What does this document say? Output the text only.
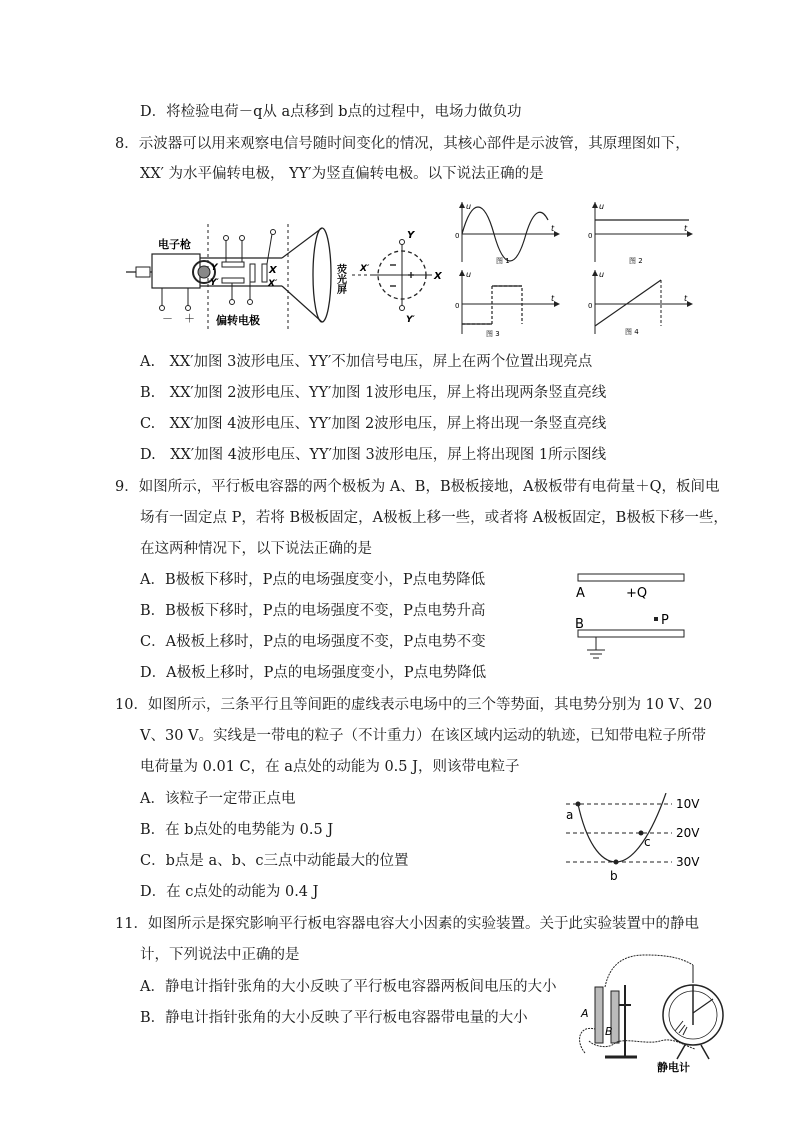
D．将检验电荷－q从 a点移到 b点的过程中，电场力做负功
8．示波器可以用来观察电信号随时间变化的情况，其核心部件是示波管，其原理图如下，
XX′ 为水平偏转电极， YY′为竖直偏转电极。以下说法正确的是
电子枪
偏转电极
－ ＋
Y
Y′
X
X′	荧光屏
Y
Y′
X
X′
u
t
0
图 1
u
t
0
图 2
u
t
0
图 3
u
t
0
图 4
A.　XX′加图 3波形电压、YY′不加信号电压，屏上在两个位置出现亮点
B.　XX′加图 2波形电压、YY′加图 1波形电压，屏上将出现两条竖直亮线
C.　XX′加图 4波形电压、YY′加图 2波形电压，屏上将出现一条竖直亮线
D.　XX′加图 4波形电压、YY′加图 3波形电压，屏上将出现图 1所示图线
9．如图所示，平行板电容器的两个极板为 A、B，B极板接地，A极板带有电荷量＋Q，板间电
场有一固定点 P，若将 B极板固定，A极板上移一些，或者将 A极板固定，B极板下移一些，
在这两种情况下，以下说法正确的是
A．B极板下移时，P点的电场强度变小，P点电势降低
B．B极板下移时，P点的电场强度不变，P点电势升高
C．A极板上移时，P点的电场强度不变，P点电势不变
D．A极板上移时，P点的电场强度变小，P点电势降低
A	+Q
B	P
10．如图所示，三条平行且等间距的虚线表示电场中的三个等势面，其电势分别为 10 V、20
V、30 V。实线是一带电的粒子（不计重力）在该区域内运动的轨迹，已知带电粒子所带
电荷量为 0.01 C，在 a点处的动能为 0.5 J，则该带电粒子
A．该粒子一定带正点电
B．在 b点处的电势能为 0.5 J
C．b点是 a、b、c三点中动能最大的位置
D．在 c点处的动能为 0.4 J
10V
20V
30V
a
b
c
11．如图所示是探究影响平行板电容器电容大小因素的实验装置。关于此实验装置中的静电
计，下列说法中正确的是
A．静电计指针张角的大小反映了平行板电容器两板间电压的大小
B．静电计指针张角的大小反映了平行板电容器带电量的大小	A
B
静电计
